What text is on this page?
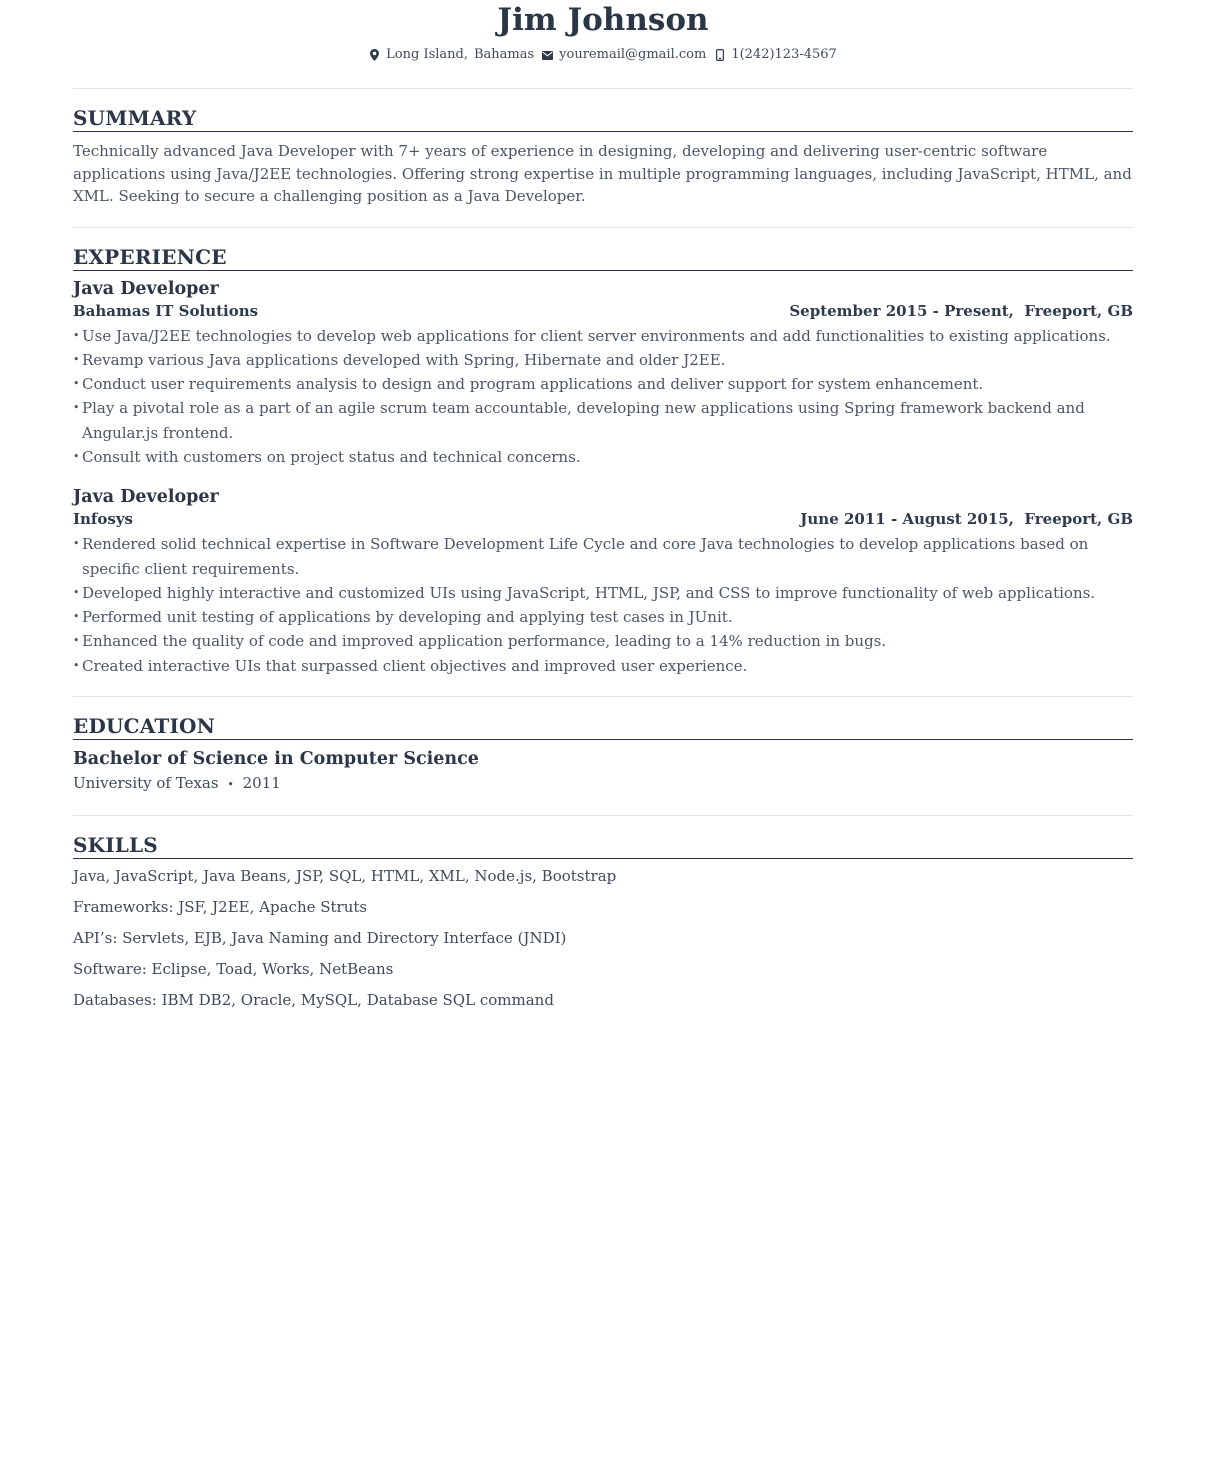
Jim Johnson
Long Island, Bahamas youremail@gmail.com 1(242)123-4567
SUMMARY

Technically advanced Java Developer with 7+ years of experience in designing, developing and delivering user-centric software applications using Java/J2EE technologies. Offering strong expertise in multiple programming languages, including JavaScript, HTML, and XML. Seeking to secure a challenging position as a Java Developer.

EXPERIENCE
Java Developer
Bahamas IT Solutions	September 2015 - Present, Freeport, GB
• Use Java/J2EE technologies to develop web applications for client server environments and add functionalities to existing applications.
• Revamp various Java applications developed with Spring, Hibernate and older J2EE.
• Conduct user requirements analysis to design and program applications and deliver support for system enhancement.
• Play a pivotal role as a part of an agile scrum team accountable, developing new applications using Spring framework backend and Angular.js frontend.
• Consult with customers on project status and technical concerns.
Java Developer
Infosys	June 2011 - August 2015, Freeport, GB
• Rendered solid technical expertise in Software Development Life Cycle and core Java technologies to develop applications based on specific client requirements.
• Developed highly interactive and customized UIs using JavaScript, HTML, JSP, and CSS to improve functionality of web applications.
• Performed unit testing of applications by developing and applying test cases in JUnit.
• Enhanced the quality of code and improved application performance, leading to a 14% reduction in bugs.
• Created interactive UIs that surpassed client objectives and improved user experience.
EDUCATION
Bachelor of Science in Computer Science
University of Texas • 2011
SKILLS

Java, JavaScript, Java Beans, JSP, SQL, HTML, XML, Node.js, Bootstrap

Frameworks: JSF, J2EE, Apache Struts

API’s: Servlets, EJB, Java Naming and Directory Interface (JNDI)

Software: Eclipse, Toad, Works, NetBeans

Databases: IBM DB2, Oracle, MySQL, Database SQL command
